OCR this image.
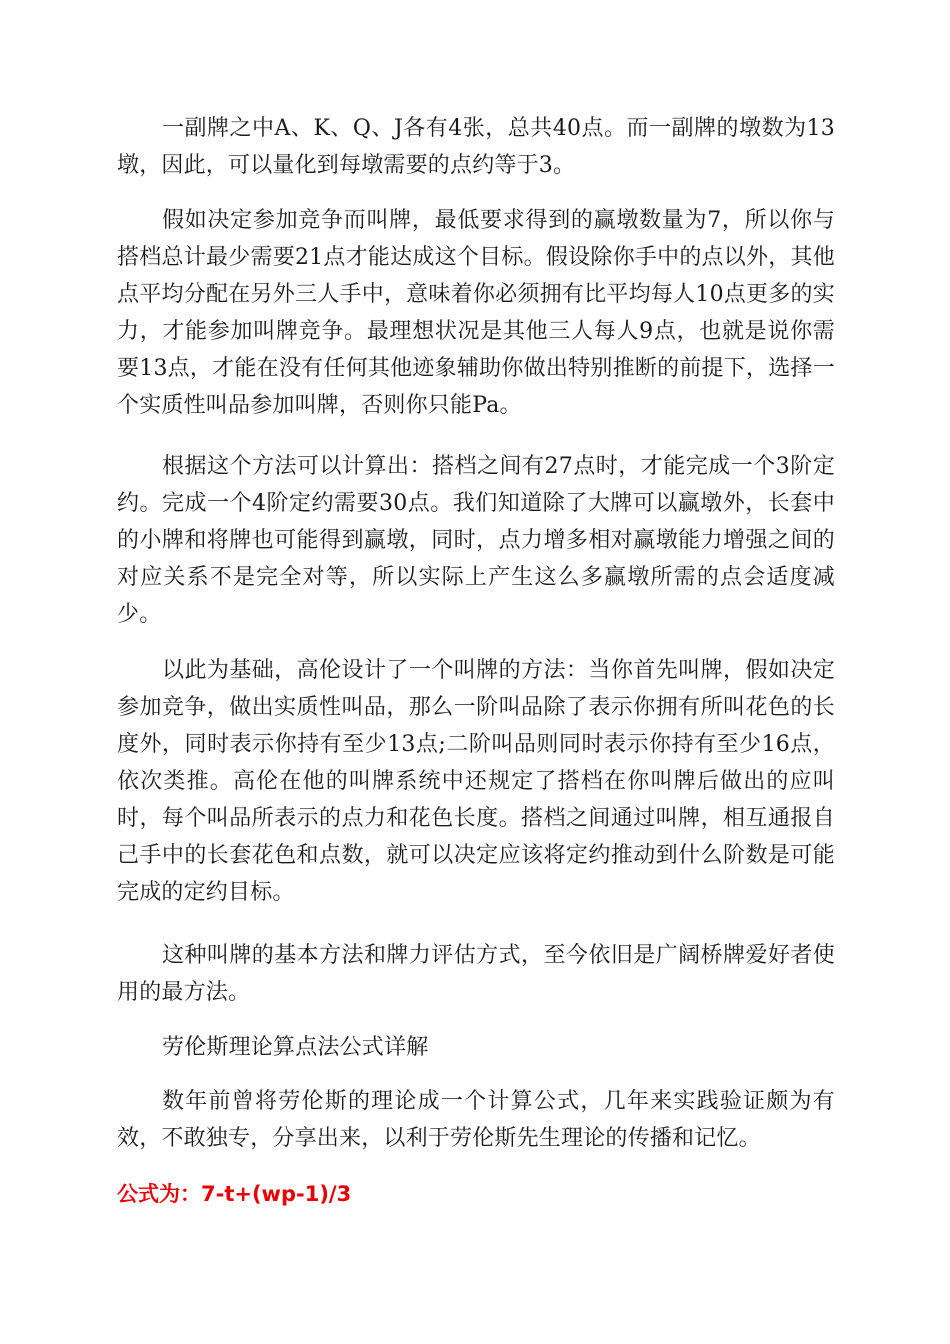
一副牌之中A、K、Q、J各有4张，总共40点。而一副牌的墩数为13墩，因此，可以量化到每墩需要的点约等于3。

假如决定参加竞争而叫牌，最低要求得到的赢墩数量为7，所以你与搭档总计最少需要21点才能达成这个目标。假设除你手中的点以外，其他点平均分配在另外三人手中，意味着你必须拥有比平均每人10点更多的实力，才能参加叫牌竞争。最理想状况是其他三人每人9点，也就是说你需要13点，才能在没有任何其他迹象辅助你做出特别推断的前提下，选择一个实质性叫品参加叫牌，否则你只能Pa。

根据这个方法可以计算出：搭档之间有27点时，才能完成一个3阶定约。完成一个4阶定约需要30点。我们知道除了大牌可以赢墩外，长套中的小牌和将牌也可能得到赢墩，同时，点力增多相对赢墩能力增强之间的对应关系不是完全对等，所以实际上产生这么多赢墩所需的点会适度减少。

以此为基础，高伦设计了一个叫牌的方法：当你首先叫牌，假如决定参加竞争，做出实质性叫品，那么一阶叫品除了表示你拥有所叫花色的长度外，同时表示你持有至少13点;二阶叫品则同时表示你持有至少16点，依次类推。高伦在他的叫牌系统中还规定了搭档在你叫牌后做出的应叫时，每个叫品所表示的点力和花色长度。搭档之间通过叫牌，相互通报自己手中的长套花色和点数，就可以决定应该将定约推动到什么阶数是可能完成的定约目标。

这种叫牌的基本方法和牌力评估方式，至今依旧是广阔桥牌爱好者使用的最方法。

劳伦斯理论算点法公式详解

数年前曾将劳伦斯的理论成一个计算公式，几年来实践验证颇为有效，不敢独专，分享出来，以利于劳伦斯先生理论的传播和记忆。

公式为：7-t+(wp-1)/3
